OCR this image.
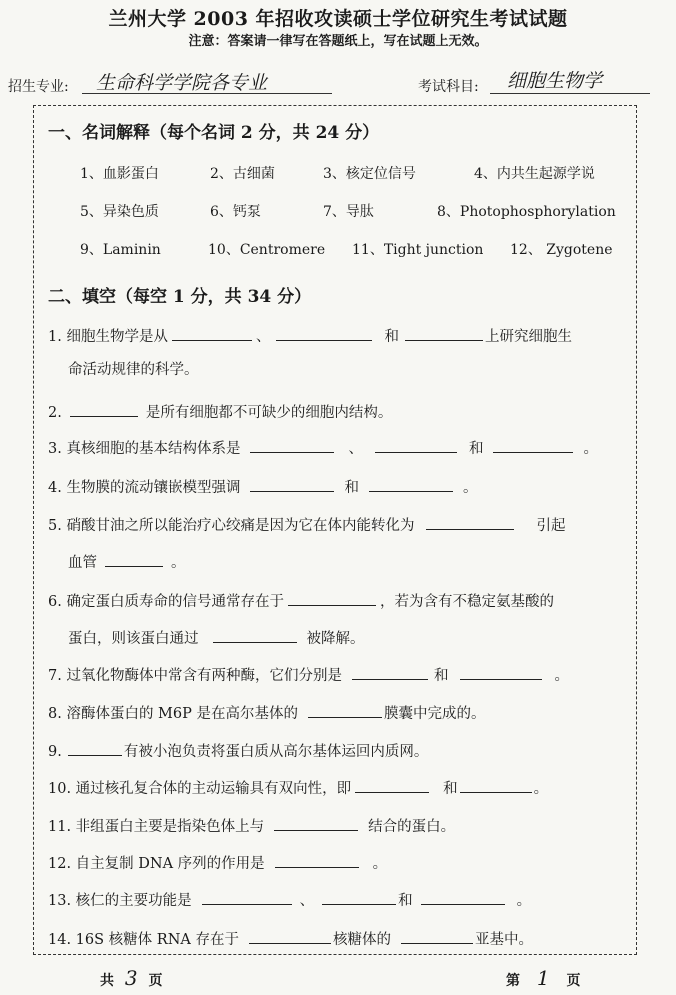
兰州大学 2003 年招收攻读硕士学位研究生考试试题
注意：答案请一律写在答题纸上，写在试题上无效。
招生专业: 生命科学学院各专业	考试科目: 细胞生物学
一、名词解释（每个名词 2 分，共 24 分）
1、血影蛋白	2、古细菌	3、核定位信号	4、内共生起源学说
5、异染色质	6、钙泵	7、导肽	8、Photophosphorylation
9、Laminin	10、Centromere 11、Tight junction 12、 Zygotene
二、填空（每空 1 分，共 34 分）
1. 细胞生物学是从	、	和	上研究细胞生
命活动规律的科学。
2.	是所有细胞都不可缺少的细胞内结构。
3. 真核细胞的基本结构体系是	、	和	。
4. 生物膜的流动镶嵌模型强调	和	。
5. 硝酸甘油之所以能治疗心绞痛是因为它在体内能转化为	引起
血管	。
6. 确定蛋白质寿命的信号通常存在于	，若为含有不稳定氨基酸的
蛋白，则该蛋白通过	被降解。
7. 过氧化物酶体中常含有两种酶，它们分别是	和	。
8. 溶酶体蛋白的 M6P 是在高尔基体的	膜囊中完成的。
9.	有被小泡负责将蛋白质从高尔基体运回内质网。
10. 通过核孔复合体的主动运输具有双向性，即	和	。
11. 非组蛋白主要是指染色体上与	结合的蛋白。
12. 自主复制 DNA 序列的作用是	。
13. 核仁的主要功能是	、	和	。
14. 16S 核糖体 RNA 存在于	核糖体的	亚基中。
共 3 页	第 1 页
